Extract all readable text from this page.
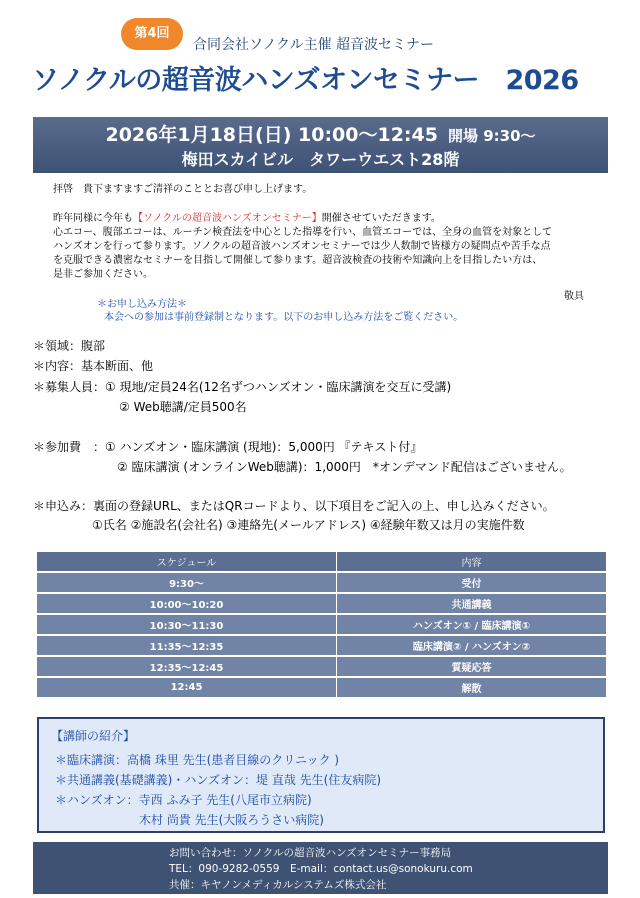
第4回
合同会社ソノクル主催 超音波セミナー
ソノクルの超音波ハンズオンセミナー　2026
2026年1月18日(日) 10:00～12:45 開場 9:30～
梅田スカイビル　タワーウエスト28階
拝啓　貴下ますますご清祥のこととお喜び申し上げます。
昨年同様に今年も【ソノクルの超音波ハンズオンセミナー】開催させていただきます。
心エコー、腹部エコーは、ルーチン検査法を中心とした指導を行い、血管エコーでは、全身の血管を対象として
ハンズオンを行って参ります。ソノクルの超音波ハンズオンセミナーでは少人数制で皆様方の疑問点や苦手な点
を克服できる濃密なセミナーを目指して開催して参ります。超音波検査の技術や知識向上を目指したい方は、
是非ご参加ください。
敬具
＊お申し込み方法＊
本会への参加は事前登録制となります。以下のお申し込み方法をご覧ください。
＊領域：腹部
＊内容：基本断面、他
＊募集人員：① 現地/定員24名(12名ずつハンズオン・臨床講演を交互に受講)
② Web聴講/定員500名
＊参加費　：① ハンズオン・臨床講演 (現地)：5,000円 『テキスト付』
② 臨床講演 (オンラインWeb聴講)：1,000円　*オンデマンド配信はございません。
＊申込み：裏面の登録URL、またはQRコードより、以下項目をご記入の上、申し込みください。
①氏名 ②施設名(会社名) ③連絡先(メールアドレス) ④経験年数又は月の実施件数
スケジュール	内容
9:30～	受付
10:00～10:20	共通講義
10:30～11:30	ハンズオン① / 臨床講演①
11:35～12:35	臨床講演② / ハンズオン②
12:35～12:45	質疑応答
12:45	解散
【講師の紹介】
＊臨床講演：高橋 珠里 先生(患者目線のクリニック )
＊共通講義(基礎講義)・ハンズオン：堤 直哉 先生(住友病院)
＊ハンズオン：寺西 ふみ子 先生(八尾市立病院)
木村 尚貴 先生(大阪ろうさい病院)
お問い合わせ：ソノクルの超音波ハンズオンセミナー事務局
TEL：090-9282-0559　E-mail：contact.us@sonokuru.com
共催：キヤノンメディカルシステムズ株式会社
